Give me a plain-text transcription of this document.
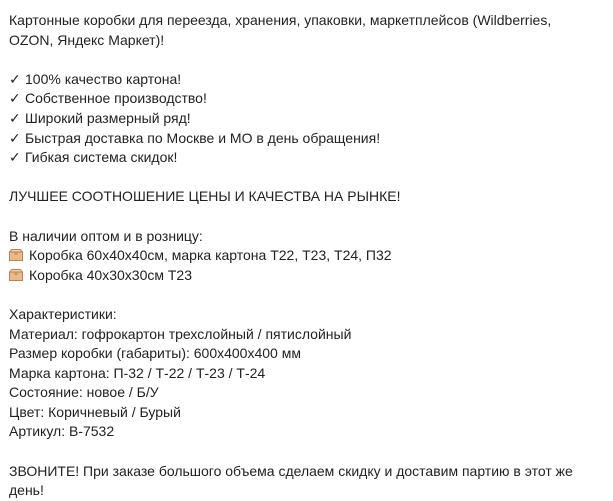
Картонные коробки для переезда, хранения, упаковки, маркетплейсов (Wildberries,
OZON, Яндекс Маркет)!
✓ 100% качество картона!
✓ Собственное производство!
✓ Широкий размерный ряд!
✓ Быстрая доставка по Москве и МО в день обращения!
✓ Гибкая система скидок!
ЛУЧШЕЕ СООТНОШЕНИЕ ЦЕНЫ И КАЧЕСТВА НА РЫНКЕ!
В наличии оптом и в розницу:
Коробка 60х40х40см, марка картона Т22, Т23, Т24, П32
Коробка 40х30х30см Т23
Характеристики:
Материал: гофрокартон трехслойный / пятислойный
Размер коробки (габариты): 600х400х400 мм
Марка картона: П-32 / Т-22 / Т-23 / Т-24
Состояние: новое / Б/У
Цвет: Коричневый / Бурый
Артикул: В-7532
ЗВОНИТЕ! При заказе большого объема сделаем скидку и доставим партию в этот же
день!
